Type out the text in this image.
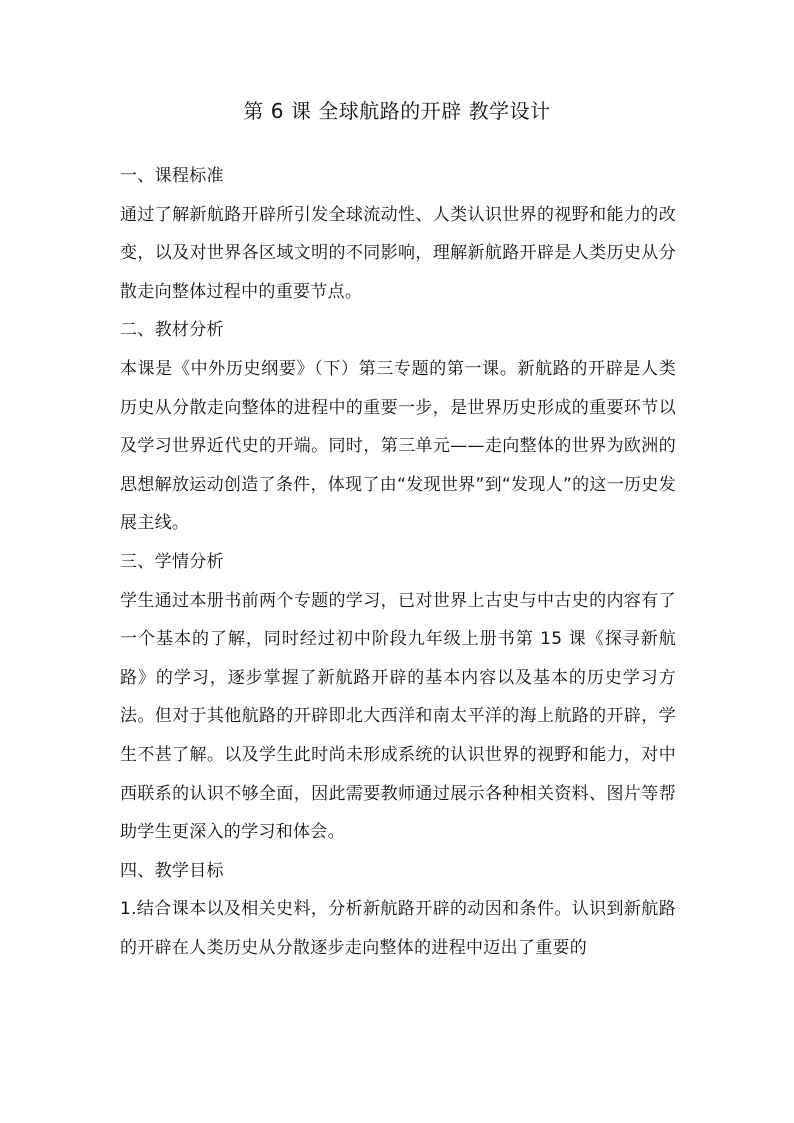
第 6 课 全球航路的开辟 教学设计

一、课程标准

通过了解新航路开辟所引发全球流动性、人类认识世界的视野和能力的改变，以及对世界各区域文明的不同影响，理解新航路开辟是人类历史从分散走向整体过程中的重要节点。

二、教材分析

本课是《中外历史纲要》（下）第三专题的第一课。新航路的开辟是人类历史从分散走向整体的进程中的重要一步，是世界历史形成的重要环节以及学习世界近代史的开端。同时，第三单元——走向整体的世界为欧洲的思想解放运动创造了条件，体现了由“发现世界”到“发现人”的这一历史发展主线。

三、学情分析

学生通过本册书前两个专题的学习，已对世界上古史与中古史的内容有了一个基本的了解，同时经过初中阶段九年级上册书第 15 课《探寻新航路》的学习，逐步掌握了新航路开辟的基本内容以及基本的历史学习方法。但对于其他航路的开辟即北大西洋和南太平洋的海上航路的开辟，学生不甚了解。以及学生此时尚未形成系统的认识世界的视野和能力，对中西联系的认识不够全面，因此需要教师通过展示各种相关资料、图片等帮助学生更深入的学习和体会。

四、教学目标

1.结合课本以及相关史料，分析新航路开辟的动因和条件。认识到新航路的开辟在人类历史从分散逐步走向整体的进程中迈出了重要的
